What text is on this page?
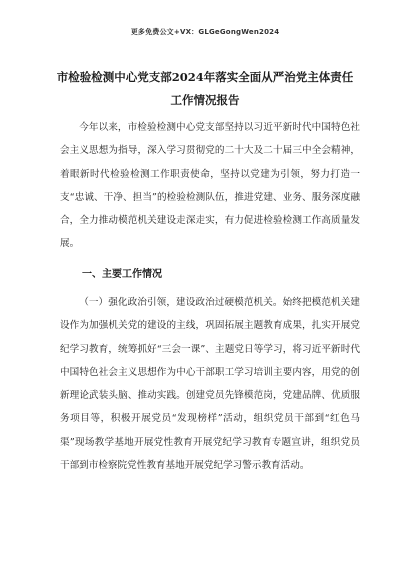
更多免费公文+VX：GLGeGongWen2024
市检验检测中心党支部2024年落实全面从严治党主体责任
工作情况报告

今年以来，市检验检测中心党支部坚持以习近平新时代中国特色社会主义思想为指导，深入学习贯彻党的二十大及二十届三中全会精神，着眼新时代检验检测工作职责使命，坚持以党建为引领，努力打造一支“忠诚、干净、担当”的检验检测队伍，推进党建、业务、服务深度融合，全力推动模范机关建设走深走实，有力促进检验检测工作高质量发展。

一、主要工作情况

（一）强化政治引领，建设政治过硬模范机关。始终把模范机关建设作为加强机关党的建设的主线，巩固拓展主题教育成果，扎实开展党纪学习教育，统筹抓好“三会一课”、主题党日等学习，将习近平新时代中国特色社会主义思想作为中心干部职工学习培训主要内容，用党的创新理论武装头脑、推动实践。创建党员先锋模范岗，党建品牌、优质服务项目等，积极开展党员“发现榜样”活动，组织党员干部到“红色马渠”现场教学基地开展党性教育开展党纪学习教育专题宣讲，组织党员干部到市检察院党性教育基地开展党纪学习警示教育活动。
